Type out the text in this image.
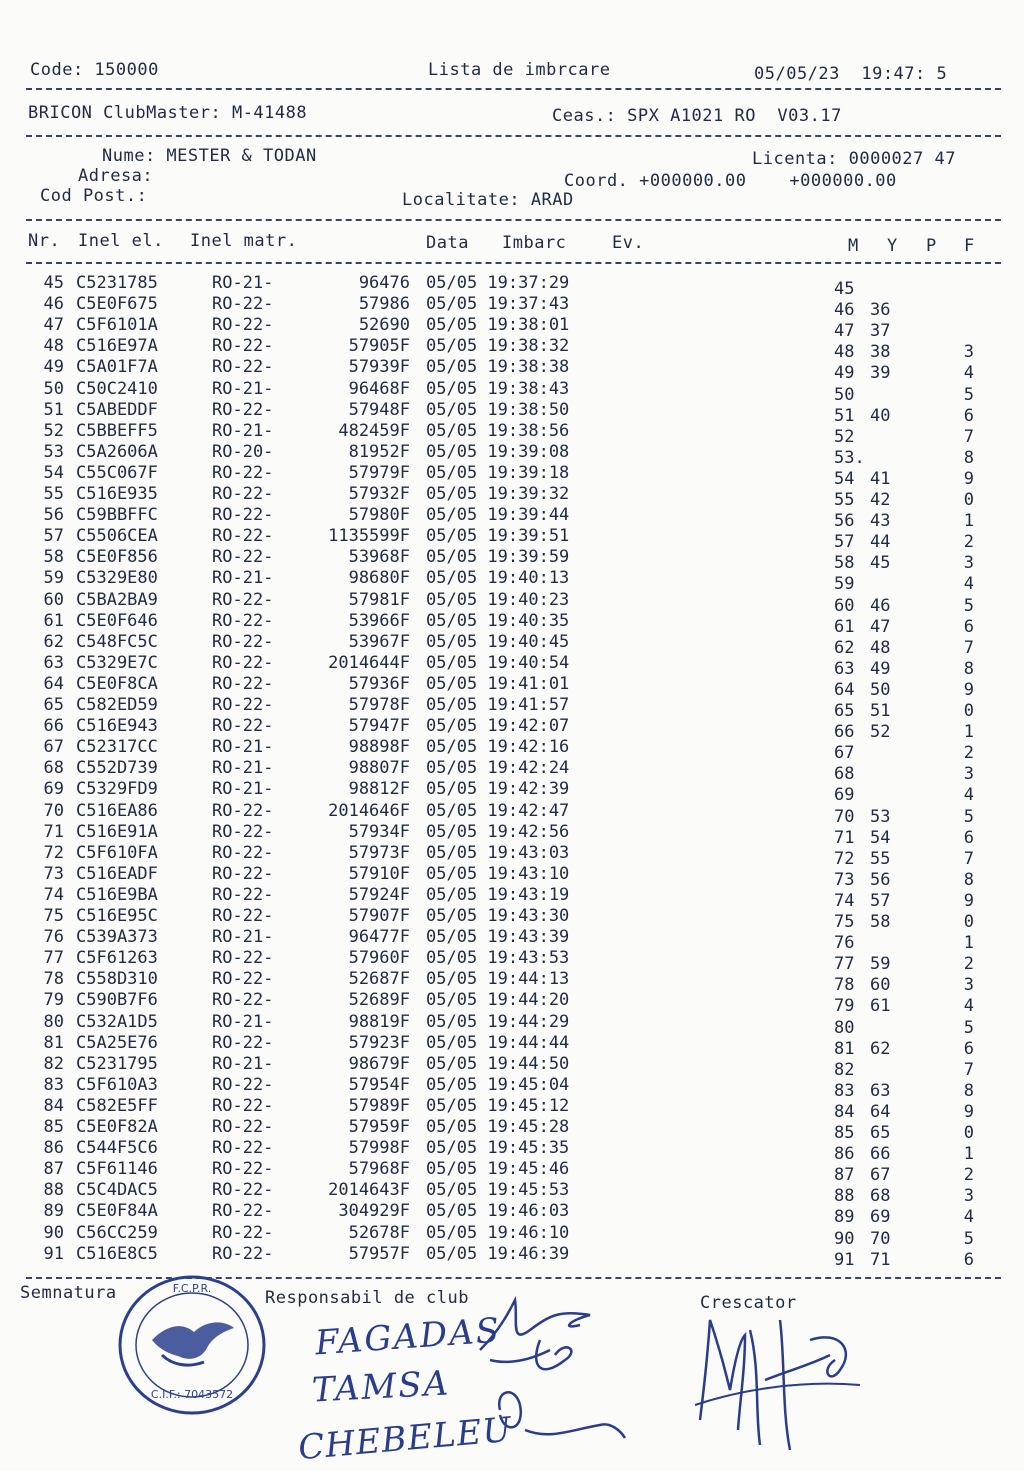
Code: 150000	Lista de imbrcare	05/05/23  19:47: 5
BRICON ClubMaster: M-41488	Ceas.: SPX A1021 RO  V03.17
Nume: MESTER & TODAN	Licenta: 0000027 47
Adresa:	Coord. +000000.00    +000000.00
Cod Post.:	Localitate: ARAD
Nr. Inel el. Inel matr.	Data Imbarc	Ev.	M Y P F
45 C5231785	RO-21-	96476 05/05 19:37:29	45
46 C5E0F675	RO-22-	57986 05/05 19:37:43	46 36
47 C5F6101A	RO-22-	52690 05/05 19:38:01	47 37
48 C516E97A	RO-22-	57905F 05/05 19:38:32	48 38	3
49 C5A01F7A	RO-22-	57939F 05/05 19:38:38	49 39	4
50 C50C2410	RO-21-	96468F 05/05 19:38:43	50	5
51 C5ABEDDF	RO-22-	57948F 05/05 19:38:50	51 40	6
52 C5BBEFF5	RO-21-	482459F 05/05 19:38:56	52	7
53 C5A2606A	RO-20-	81952F 05/05 19:39:08	53.	8
54 C55C067F	RO-22-	57979F 05/05 19:39:18	54 41	9
55 C516E935	RO-22-	57932F 05/05 19:39:32	55 42	0
56 C59BBFFC	RO-22-	57980F 05/05 19:39:44	56 43	1
57 C5506CEA	RO-22-	1135599F 05/05 19:39:51	57 44	2
58 C5E0F856	RO-22-	53968F 05/05 19:39:59	58 45	3
59 C5329E80	RO-21-	98680F 05/05 19:40:13	59	4
60 C5BA2BA9	RO-22-	57981F 05/05 19:40:23	60 46	5
61 C5E0F646	RO-22-	53966F 05/05 19:40:35	61 47	6
62 C548FC5C	RO-22-	53967F 05/05 19:40:45	62 48	7
63 C5329E7C	RO-22-	2014644F 05/05 19:40:54	63 49	8
64 C5E0F8CA	RO-22-	57936F 05/05 19:41:01	64 50	9
65 C582ED59	RO-22-	57978F 05/05 19:41:57	65 51	0
66 C516E943	RO-22-	57947F 05/05 19:42:07	66 52	1
67 C52317CC	RO-21-	98898F 05/05 19:42:16	67	2
68 C552D739	RO-21-	98807F 05/05 19:42:24	68	3
69 C5329FD9	RO-21-	98812F 05/05 19:42:39	69	4
70 C516EA86	RO-22-	2014646F 05/05 19:42:47	70 53	5
71 C516E91A	RO-22-	57934F 05/05 19:42:56	71 54	6
72 C5F610FA	RO-22-	57973F 05/05 19:43:03	72 55	7
73 C516EADF	RO-22-	57910F 05/05 19:43:10	73 56	8
74 C516E9BA	RO-22-	57924F 05/05 19:43:19	74 57	9
75 C516E95C	RO-22-	57907F 05/05 19:43:30	75 58	0
76 C539A373	RO-21-	96477F 05/05 19:43:39	76	1
77 C5F61263	RO-22-	57960F 05/05 19:43:53	77 59	2
78 C558D310	RO-22-	52687F 05/05 19:44:13	78 60	3
79 C590B7F6	RO-22-	52689F 05/05 19:44:20	79 61	4
80 C532A1D5	RO-21-	98819F 05/05 19:44:29	80	5
81 C5A25E76	RO-22-	57923F 05/05 19:44:44	81 62	6
82 C5231795	RO-21-	98679F 05/05 19:44:50	82	7
83 C5F610A3	RO-22-	57954F 05/05 19:45:04	83 63	8
84 C582E5FF	RO-22-	57989F 05/05 19:45:12	84 64	9
85 C5E0F82A	RO-22-	57959F 05/05 19:45:28	85 65	0
86 C544F5C6	RO-22-	57998F 05/05 19:45:35	86 66	1
87 C5F61146	RO-22-	57968F 05/05 19:45:46	87 67	2
88 C5C4DAC5	RO-22-	2014643F 05/05 19:45:53	88 68	3
89 C5E0F84A	RO-22-	304929F 05/05 19:46:03	89 69	4
90 C56CC259	RO-22-	52678F 05/05 19:46:10	90 70	5
91 C516E8C5	RO-22-	57957F 05/05 19:46:39	91 71	6
Semnatura	Responsabil de club	Crescator
F.C.P.R.
C.I.F.: 7043572
FAGADAS
TAMSA
CHEBELEU
